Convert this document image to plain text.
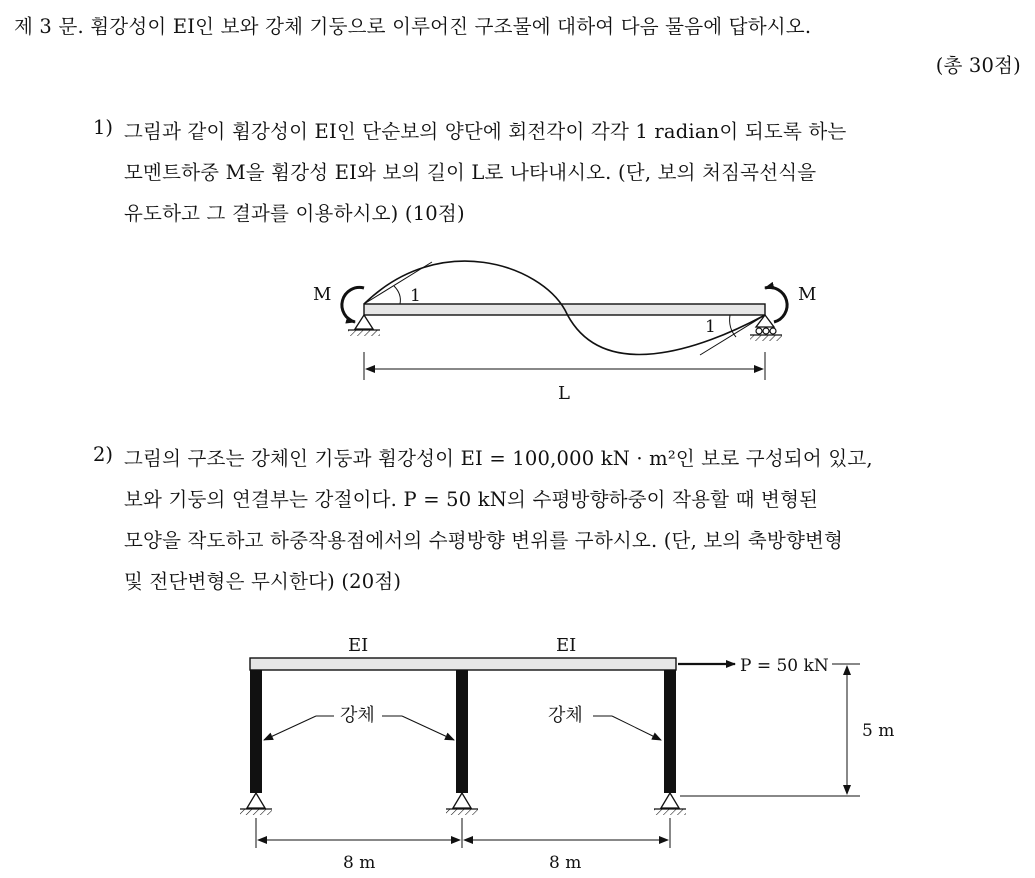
제 3 문. 휨강성이 EI인 보와 강체 기둥으로 이루어진 구조물에 대하여 다음 물음에 답하시오.
(총 30점)
1) 그림과 같이 휨강성이 EI인 단순보의 양단에 회전각이 각각 1 radian이 되도록 하는
모멘트하중 M을 휨강성 EI와 보의 길이 L로 나타내시오. (단, 보의 처짐곡선식을
유도하고 그 결과를 이용하시오) (10점)
2) 그림의 구조는 강체인 기둥과 휨강성이 EI = 100,000 kN · m²인 보로 구성되어 있고,
보와 기둥의 연결부는 강절이다. P = 50 kN의 수평방향하중이 작용할 때 변형된
모양을 작도하고 하중작용점에서의 수평방향 변위를 구하시오. (단, 보의 축방향변형
및 전단변형은 무시한다) (20점)
1
1
M	M
L
EI	EI
강체	강체
P = 50 kN
5 m
8 m	8 m
